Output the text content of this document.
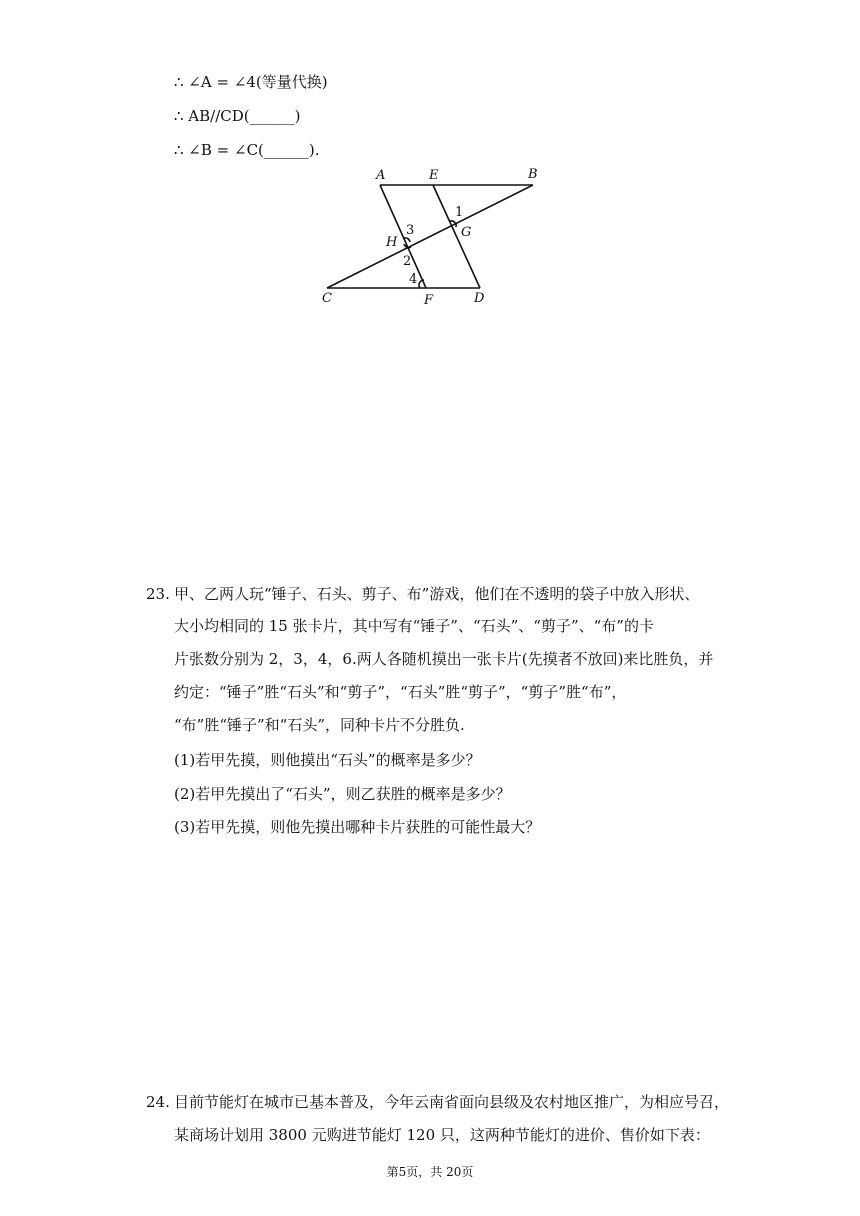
∴ ∠A = ∠4(等量代换)
∴ AB//CD(______)
∴ ∠B = ∠C(______).
A	E	B
G
H
C	F	D
1
3
2
4
23. 甲、乙两人玩“锤子、石头、剪子、布”游戏，他们在不透明的袋子中放入形状、
大小均相同的 15 张卡片，其中写有“锤子”、“石头”、“剪子”、“布”的卡
片张数分别为 2，3，4，6.两人各随机摸出一张卡片(先摸者不放回)来比胜负，并
约定：“锤子”胜“石头”和“剪子”，“石头”胜“剪子”，“剪子”胜“布”，
“布”胜“锤子”和“石头”，同种卡片不分胜负.
(1)若甲先摸，则他摸出“石头”的概率是多少？
(2)若甲先摸出了“石头”，则乙获胜的概率是多少？
(3)若甲先摸，则他先摸出哪种卡片获胜的可能性最大？
24. 目前节能灯在城市已基本普及，今年云南省面向县级及农村地区推广，为相应号召，
某商场计划用 3800 元购进节能灯 120 只，这两种节能灯的进价、售价如下表：
第5页，共 20页
